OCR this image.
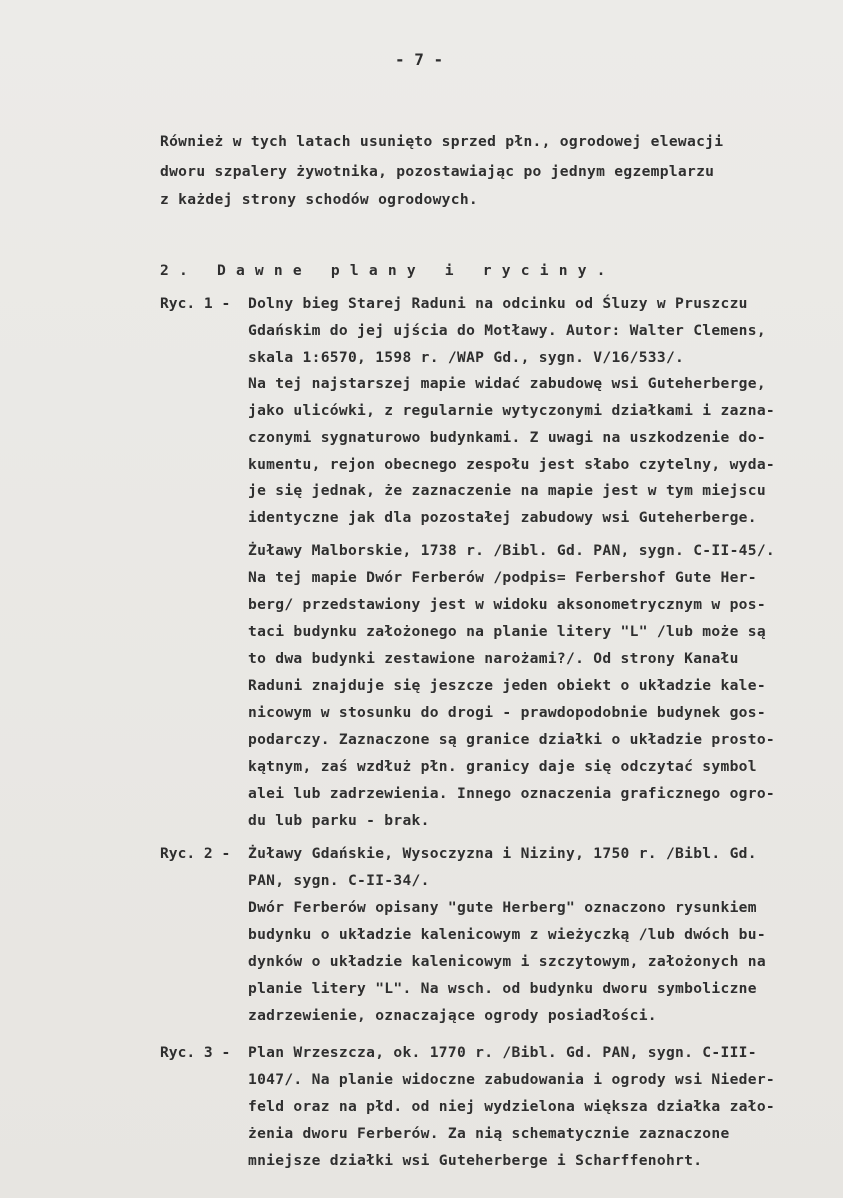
- 7 -
Również w tych latach usunięto sprzed płn., ogrodowej elewacji
dworu szpalery żywotnika, pozostawiając po jednym egzemplarzu
z każdej strony schodów ogrodowych.
2. Dawne plany i ryciny.
Ryc. 1 - Dolny bieg Starej Raduni na odcinku od Śluzy w Pruszczu
Gdańskim do jej ujścia do Motławy. Autor: Walter Clemens,
skala 1:6570, 1598 r. /WAP Gd., sygn. V/16/533/.
Na tej najstarszej mapie widać zabudowę wsi Guteherberge,
jako ulicówki, z regularnie wytyczonymi działkami i zazna-
czonymi sygnaturowo budynkami. Z uwagi na uszkodzenie do-
kumentu, rejon obecnego zespołu jest słabo czytelny, wyda-
je się jednak, że zaznaczenie na mapie jest w tym miejscu
identyczne jak dla pozostałej zabudowy wsi Guteherberge.
Żuławy Malborskie, 1738 r. /Bibl. Gd. PAN, sygn. C-II-45/.
Na tej mapie Dwór Ferberów /podpis= Ferbershof Gute Her-
berg/ przedstawiony jest w widoku aksonometrycznym w pos-
taci budynku założonego na planie litery "L" /lub może są
to dwa budynki zestawione narożami?/. Od strony Kanału
Raduni znajduje się jeszcze jeden obiekt o układzie kale-
nicowym w stosunku do drogi - prawdopodobnie budynek gos-
podarczy. Zaznaczone są granice działki o układzie prosto-
kątnym, zaś wzdłuż płn. granicy daje się odczytać symbol
alei lub zadrzewienia. Innego oznaczenia graficznego ogro-
du lub parku - brak.
Ryc. 2 - Żuławy Gdańskie, Wysoczyzna i Niziny, 1750 r. /Bibl. Gd.
PAN, sygn. C-II-34/.
Dwór Ferberów opisany "gute Herberg" oznaczono rysunkiem
budynku o układzie kalenicowym z wieżyczką /lub dwóch bu-
dynków o układzie kalenicowym i szczytowym, założonych na
planie litery "L". Na wsch. od budynku dworu symboliczne
zadrzewienie, oznaczające ogrody posiadłości.
Ryc. 3 - Plan Wrzeszcza, ok. 1770 r. /Bibl. Gd. PAN, sygn. C-III-
1047/. Na planie widoczne zabudowania i ogrody wsi Nieder-
feld oraz na płd. od niej wydzielona większa działka zało-
żenia dworu Ferberów. Za nią schematycznie zaznaczone
mniejsze działki wsi Guteherberge i Scharffenohrt.
